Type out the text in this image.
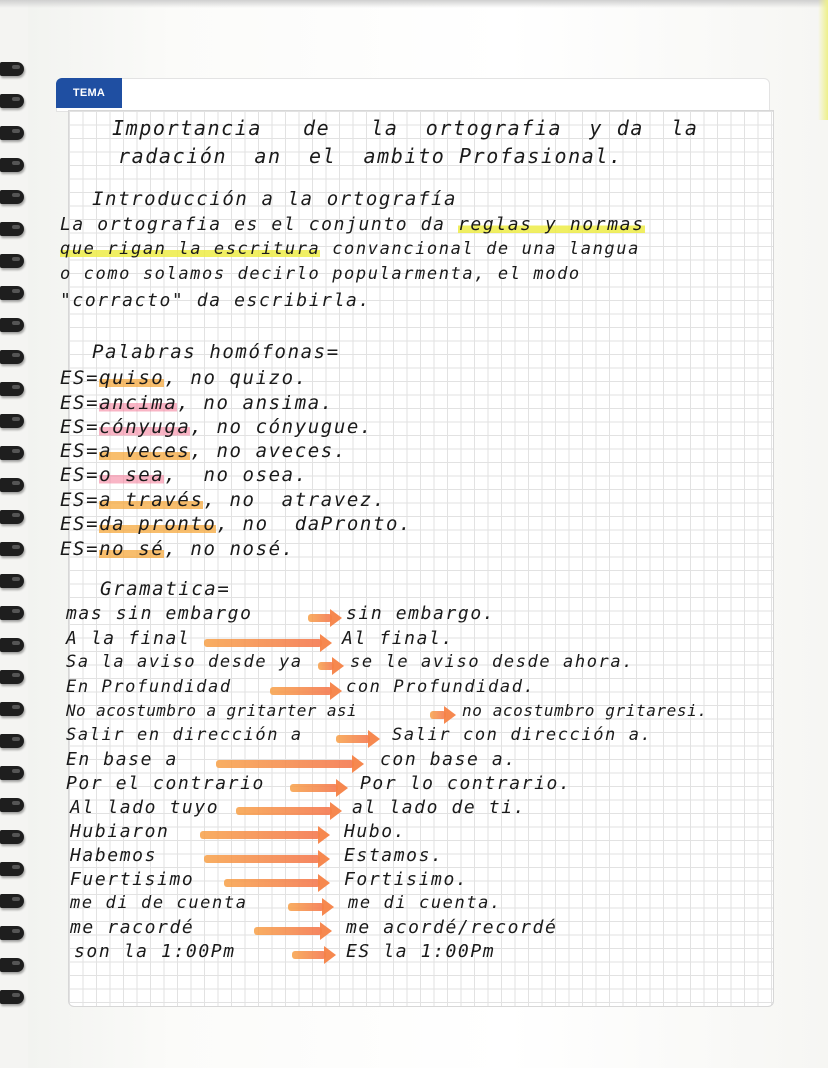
TEMA

Importancia   de   la  ortografia  y da  la

radación  an  el  ambito Profasional.

Introducción a la ortografía

La ortografia es el conjunto da reglas y normas

que rigan la escritura convancional de una langua

o como solamos decirlo popularmenta, el modo

"corracto" da escribirla.

Palabras homófonas=

ES=quiso, no quizo.

ES=ancima, no ansima.

ES=cónyuga, no cónyugue.

ES=a veces, no aveces.

ES=o sea,  no osea.

ES=a través, no  atravez.

ES=da pronto, no  daPronto.

ES=no sé, no nosé.

Gramatica=

mas sin embargo	sin embargo.

A la final	Al final.

Sa la aviso desde ya	se le aviso desde ahora.

En Profundidad	con Profundidad.

No acostumbro a gritarter asi	no acostumbro gritaresi.

Salir en dirección a	Salir con dirección a.

En base a	con base a.

Por el contrario	Por lo contrario.

Al lado tuyo	al lado de ti.

Hubiaron	Hubo.

Habemos	Estamos.

Fuertisimo	Fortisimo.

me di de cuenta	me di cuenta.

me racordé	me acordé/recordé

son la 1:00Pm	ES la 1:00Pm
